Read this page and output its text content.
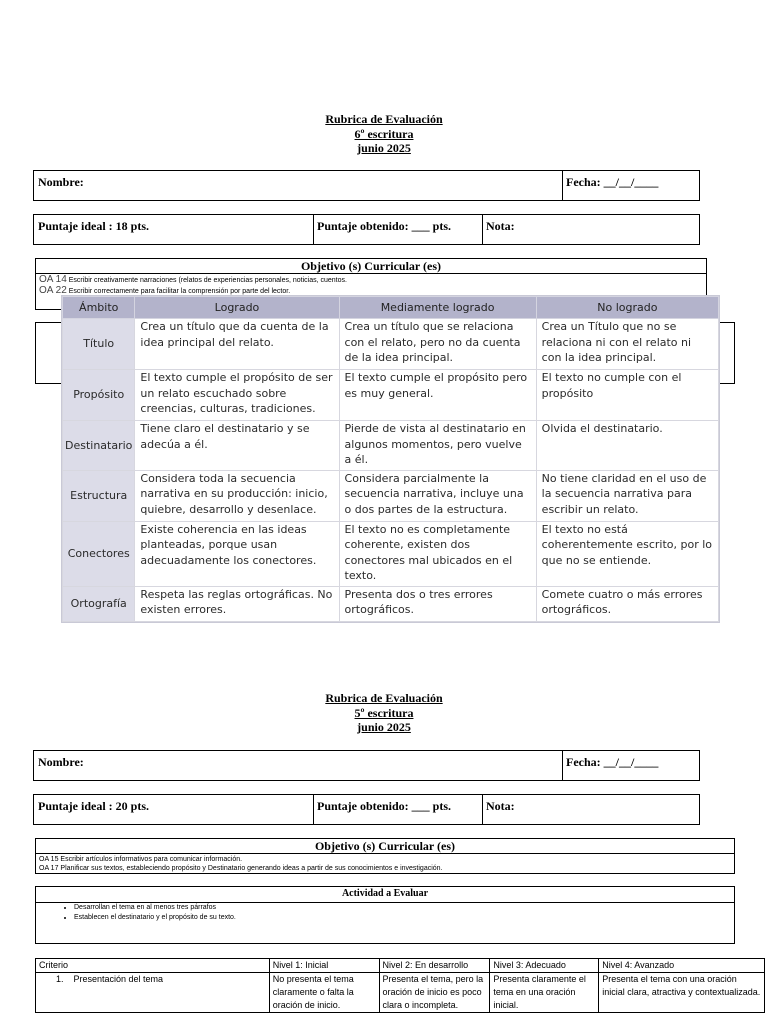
Rubrica de Evaluación
6º escritura
junio 2025
Nombre:	Fecha: __/__/____
Puntaje ideal : 18 pts.	Puntaje obtenido: ___ pts.	Nota:
Objetivo (s) Curricular (es)
OA 14 Escribir creativamente narraciones (relatos de experiencias personales, noticias, cuentos.
OA 22 Escribir correctamente para facilitar la comprensión por parte del lector.
Ámbito	Logrado	Mediamente logrado	No logrado
Título	Crea un título que da cuenta de la idea principal del relato.	Crea un título que se relaciona con el relato, pero no da cuenta de la idea principal.	Crea un Título que no se relaciona ni con el relato ni con la idea principal.
Propósito	El texto cumple el propósito de ser un relato escuchado sobre creencias, culturas, tradiciones.	El texto cumple el propósito pero es muy general.	El texto no cumple con el propósito
Destinatario	Tiene claro el destinatario y se adecúa a él.	Pierde de vista al destinatario en algunos momentos, pero vuelve a él.	Olvida el destinatario.
Estructura	Considera toda la secuencia narrativa en su producción: inicio, quiebre, desarrollo y desenlace.	Considera parcialmente la secuencia narrativa, incluye una o dos partes de la estructura.	No tiene claridad en el uso de la secuencia narrativa para escribir un relato.
Conectores	Existe coherencia en las ideas planteadas, porque usan adecuadamente los conectores.	El texto no es completamente coherente, existen dos conectores mal ubicados en el texto.	El texto no está coherentemente escrito, por lo que no se entiende.
Ortografía	Respeta las reglas ortográficas. No existen errores.	Presenta dos o tres errores ortográficos.	Comete cuatro o más errores ortográficos.
Rubrica de Evaluación
5º escritura
junio 2025
Nombre:	Fecha: __/__/____
Puntaje ideal : 20 pts.	Puntaje obtenido: ___ pts.	Nota:
Objetivo (s) Curricular (es)
OA 15 Escribir artículos informativos para comunicar información.
OA 17 Planificar sus textos, estableciendo propósito y Destinatario generando ideas a partir de sus conocimientos e investigación.
Actividad a Evaluar
• Desarrollan el tema en al menos tres párrafos
• Establecen el destinatario y el propósito de su texto.
Criterio	Nivel 1: Inicial	Nivel 2: En desarrollo	Nivel 3: Adecuado	Nivel 4: Avanzado
1.    Presentación del tema	No presenta el tema claramente o falta la oración de inicio.	Presenta el tema, pero la oración de inicio es poco clara o incompleta.	Presenta claramente el tema en una oración inicial.	Presenta el tema con una oración inicial clara, atractiva y contextualizada.
